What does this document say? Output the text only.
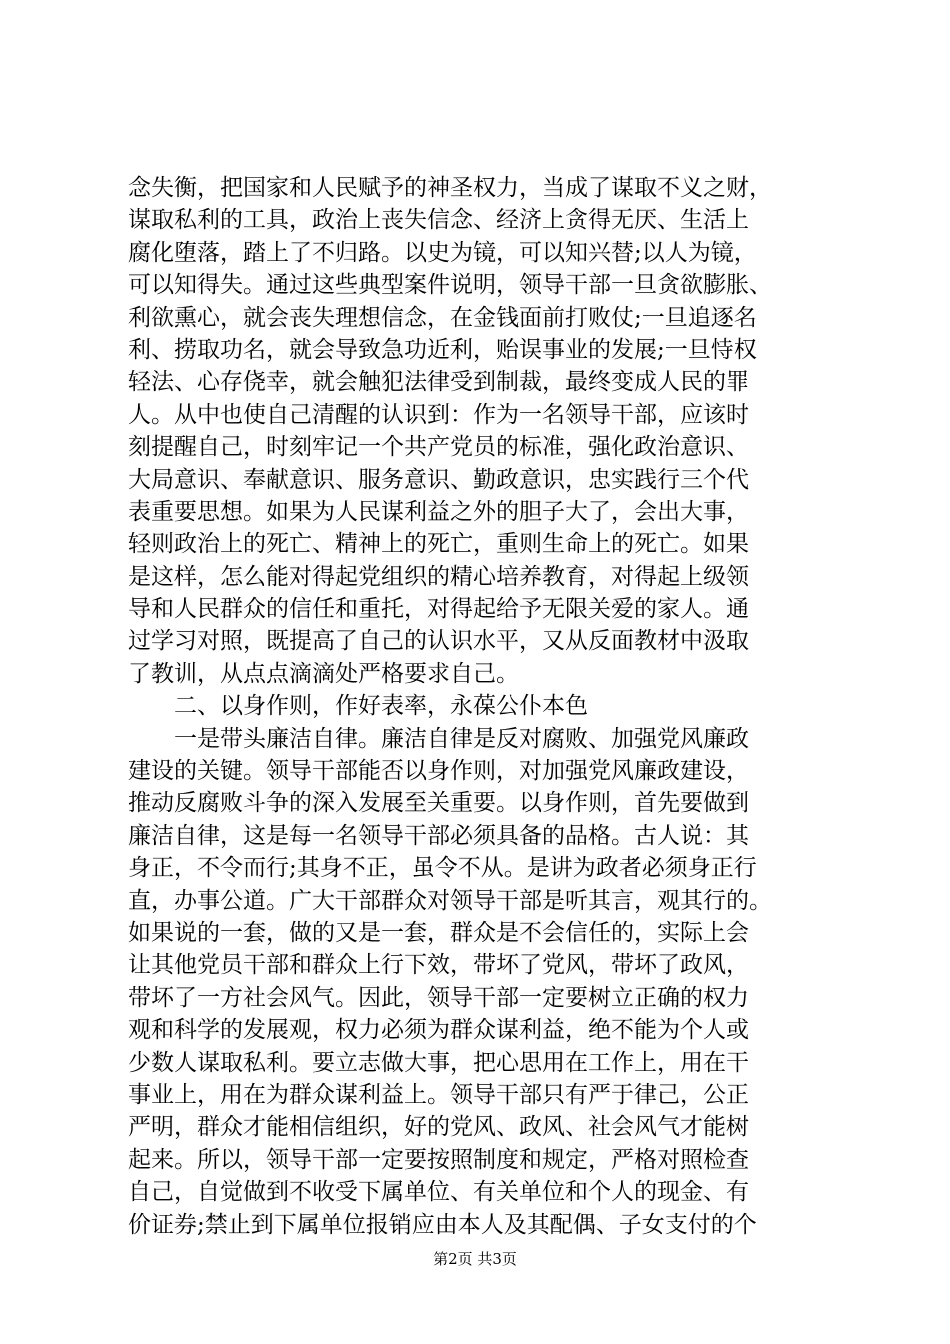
念失衡，把国家和人民赋予的神圣权力，当成了谋取不义之财，
谋取私利的工具，政治上丧失信念、经济上贪得无厌、生活上
腐化堕落，踏上了不归路。以史为镜，可以知兴替;以人为镜，
可以知得失。通过这些典型案件说明，领导干部一旦贪欲膨胀、
利欲熏心，就会丧失理想信念，在金钱面前打败仗;一旦追逐名
利、捞取功名，就会导致急功近利，贻误事业的发展;一旦恃权
轻法、心存侥幸，就会触犯法律受到制裁，最终变成人民的罪
人。从中也使自己清醒的认识到：作为一名领导干部，应该时
刻提醒自己，时刻牢记一个共产党员的标准，强化政治意识、
大局意识、奉献意识、服务意识、勤政意识，忠实践行三个代
表重要思想。如果为人民谋利益之外的胆子大了，会出大事，
轻则政治上的死亡、精神上的死亡，重则生命上的死亡。如果
是这样，怎么能对得起党组织的精心培养教育，对得起上级领
导和人民群众的信任和重托，对得起给予无限关爱的家人。通
过学习对照，既提高了自己的认识水平，又从反面教材中汲取
了教训，从点点滴滴处严格要求自己。
二、以身作则，作好表率，永葆公仆本色
一是带头廉洁自律。廉洁自律是反对腐败、加强党风廉政
建设的关键。领导干部能否以身作则，对加强党风廉政建设，
推动反腐败斗争的深入发展至关重要。以身作则，首先要做到
廉洁自律，这是每一名领导干部必须具备的品格。古人说：其
身正，不令而行;其身不正，虽令不从。是讲为政者必须身正行
直，办事公道。广大干部群众对领导干部是听其言，观其行的。
如果说的一套，做的又是一套，群众是不会信任的，实际上会
让其他党员干部和群众上行下效，带坏了党风，带坏了政风，
带坏了一方社会风气。因此，领导干部一定要树立正确的权力
观和科学的发展观，权力必须为群众谋利益，绝不能为个人或
少数人谋取私利。要立志做大事，把心思用在工作上，用在干
事业上，用在为群众谋利益上。领导干部只有严于律己，公正
严明，群众才能相信组织，好的党风、政风、社会风气才能树
起来。所以，领导干部一定要按照制度和规定，严格对照检查
自己，自觉做到不收受下属单位、有关单位和个人的现金、有
价证券;禁止到下属单位报销应由本人及其配偶、子女支付的个
第2页 共3页
